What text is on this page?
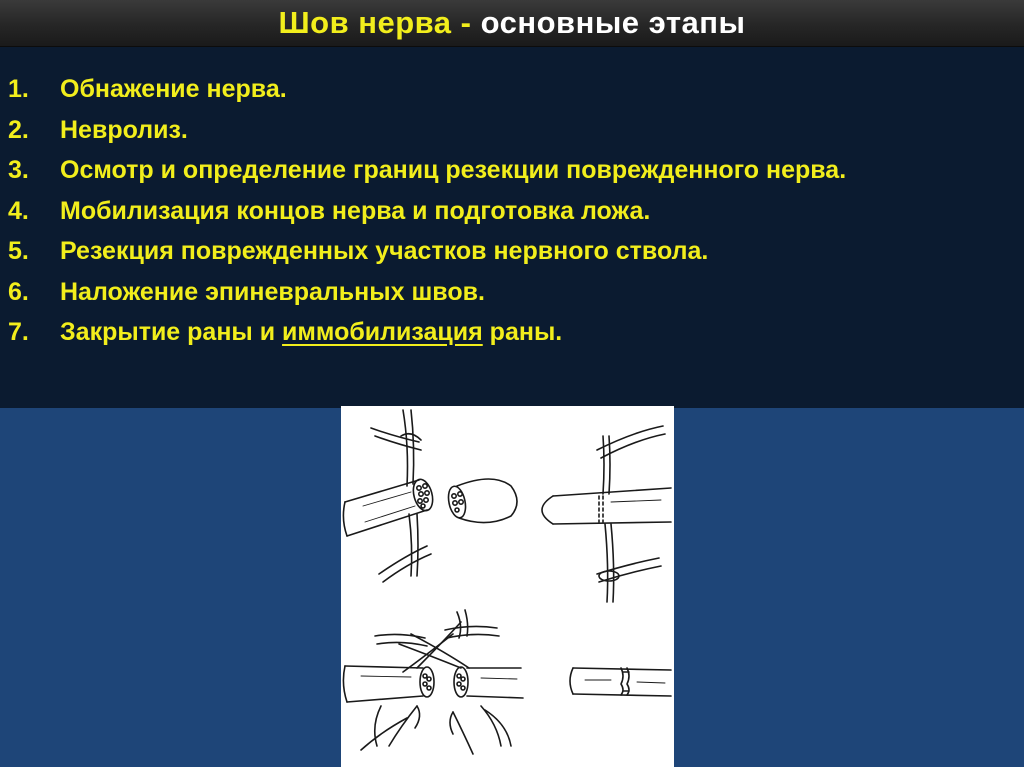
Шов нерва - основные этапы
1. Обнажение нерва.
2. Невролиз.
3. Осмотр и определение границ резекции поврежденного нерва.
4. Мобилизация концов нерва и подготовка ложа.
5. Резекция поврежденных участков нервного ствола.
6. Наложение эпиневральных швов.
7. Закрытие раны и иммобилизация раны.
